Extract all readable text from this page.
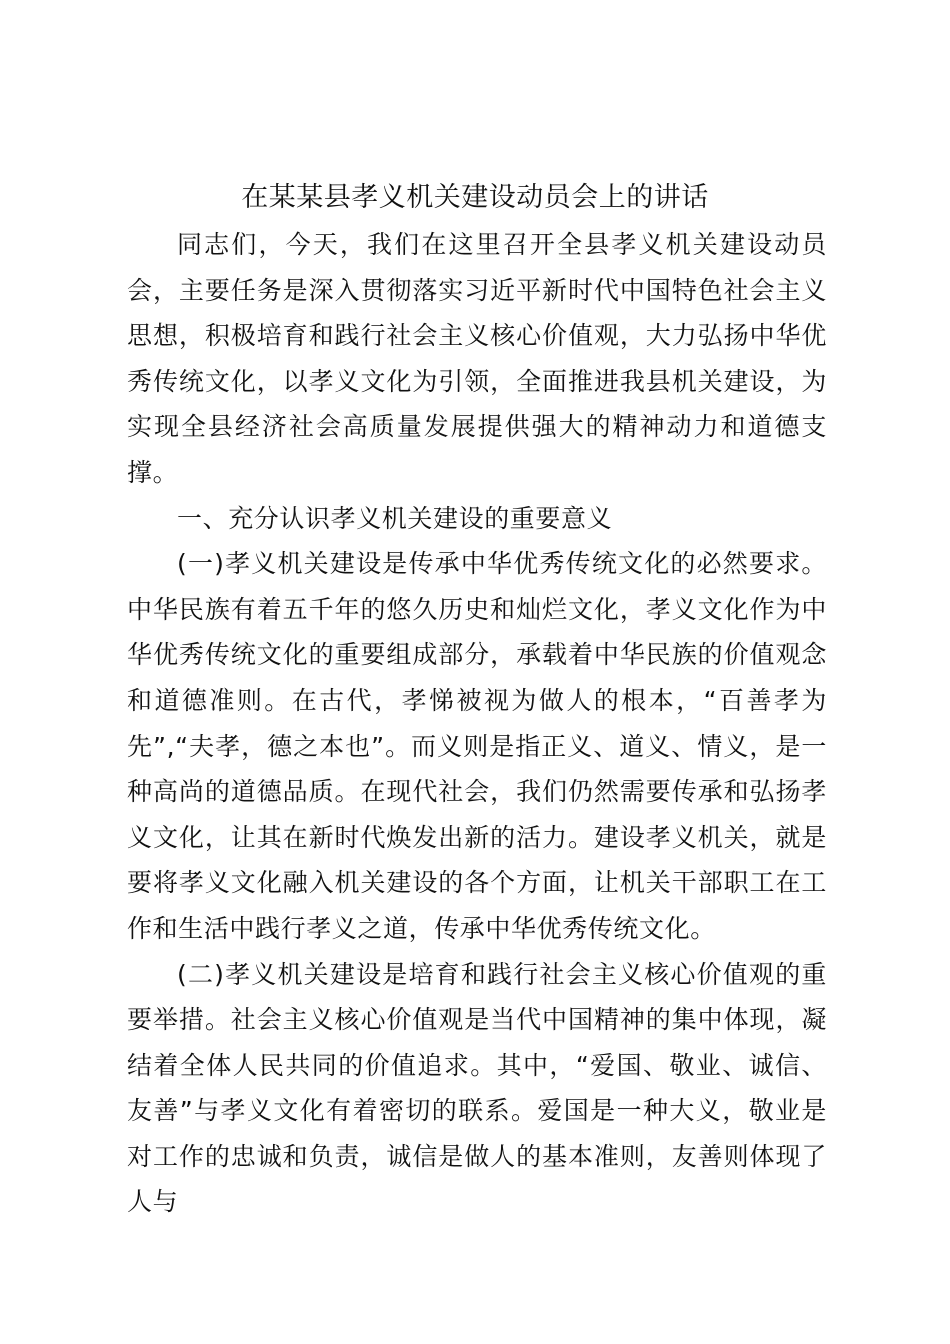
在某某县孝义机关建设动员会上的讲话

同志们，今天，我们在这里召开全县孝义机关建设动员会，主要任务是深入贯彻落实习近平新时代中国特色社会主义思想，积极培育和践行社会主义核心价值观，大力弘扬中华优秀传统文化，以孝义文化为引领，全面推进我县机关建设，为实现全县经济社会高质量发展提供强大的精神动力和道德支撑。

一、充分认识孝义机关建设的重要意义

(一)孝义机关建设是传承中华优秀传统文化的必然要求。中华民族有着五千年的悠久历史和灿烂文化，孝义文化作为中华优秀传统文化的重要组成部分，承载着中华民族的价值观念和道德准则。在古代，孝悌被视为做人的根本，“百善孝为先”,“夫孝，德之本也”。而义则是指正义、道义、情义，是一种高尚的道德品质。在现代社会，我们仍然需要传承和弘扬孝义文化，让其在新时代焕发出新的活力。建设孝义机关，就是要将孝义文化融入机关建设的各个方面，让机关干部职工在工作和生活中践行孝义之道，传承中华优秀传统文化。

(二)孝义机关建设是培育和践行社会主义核心价值观的重要举措。社会主义核心价值观是当代中国精神的集中体现，凝结着全体人民共同的价值追求。其中，“爱国、敬业、诚信、友善”与孝义文化有着密切的联系。爱国是一种大义，敬业是对工作的忠诚和负责，诚信是做人的基本准则，友善则体现了人与
